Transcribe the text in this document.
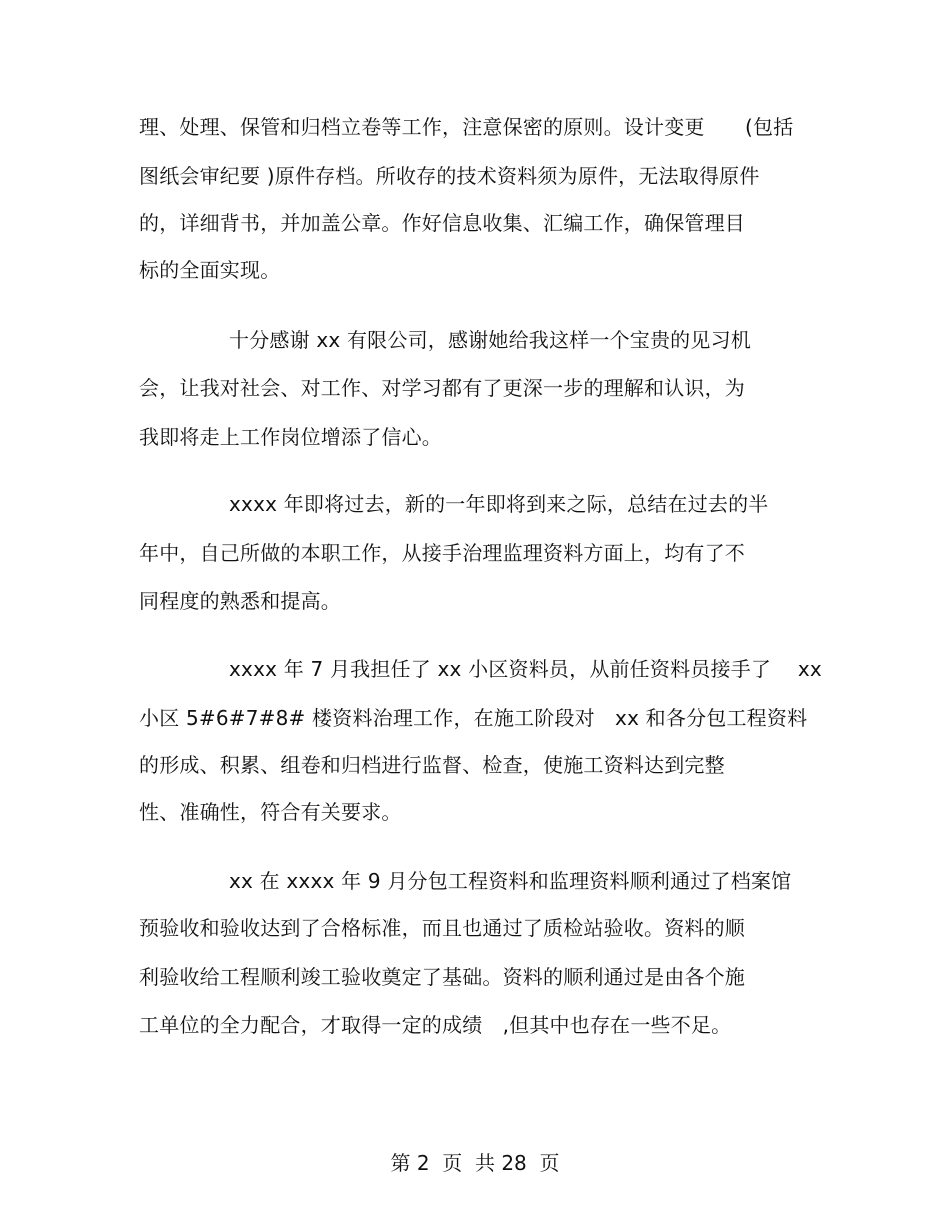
理、处理、保管和归档立卷等工作，注意保密的原则。设计变更　　(包括
图纸会审纪要 )原件存档。所收存的技术资料须为原件，无法取得原件
的，详细背书，并加盖公章。作好信息收集、汇编工作，确保管理目
标的全面实现。
十分感谢 xx 有限公司，感谢她给我这样一个宝贵的见习机
会，让我对社会、对工作、对学习都有了更深一步的理解和认识，为
我即将走上工作岗位增添了信心。
xxxx 年即将过去，新的一年即将到来之际，总结在过去的半
年中，自己所做的本职工作，从接手治理监理资料方面上，均有了不
同程度的熟悉和提高。
xxxx 年 7 月我担任了 xx 小区资料员，从前任资料员接手了　 xx
小区 5#6#7#8# 楼资料治理工作，在施工阶段对　xx 和各分包工程资料
的形成、积累、组卷和归档进行监督、检查，使施工资料达到完整
性、准确性，符合有关要求。
xx 在 xxxx 年 9 月分包工程资料和监理资料顺利通过了档案馆
预验收和验收达到了合格标准，而且也通过了质检站验收。资料的顺
利验收给工程顺利竣工验收奠定了基础。资料的顺利通过是由各个施
工单位的全力配合，才取得一定的成绩　,但其中也存在一些不足。
第 2  页  共 28  页
